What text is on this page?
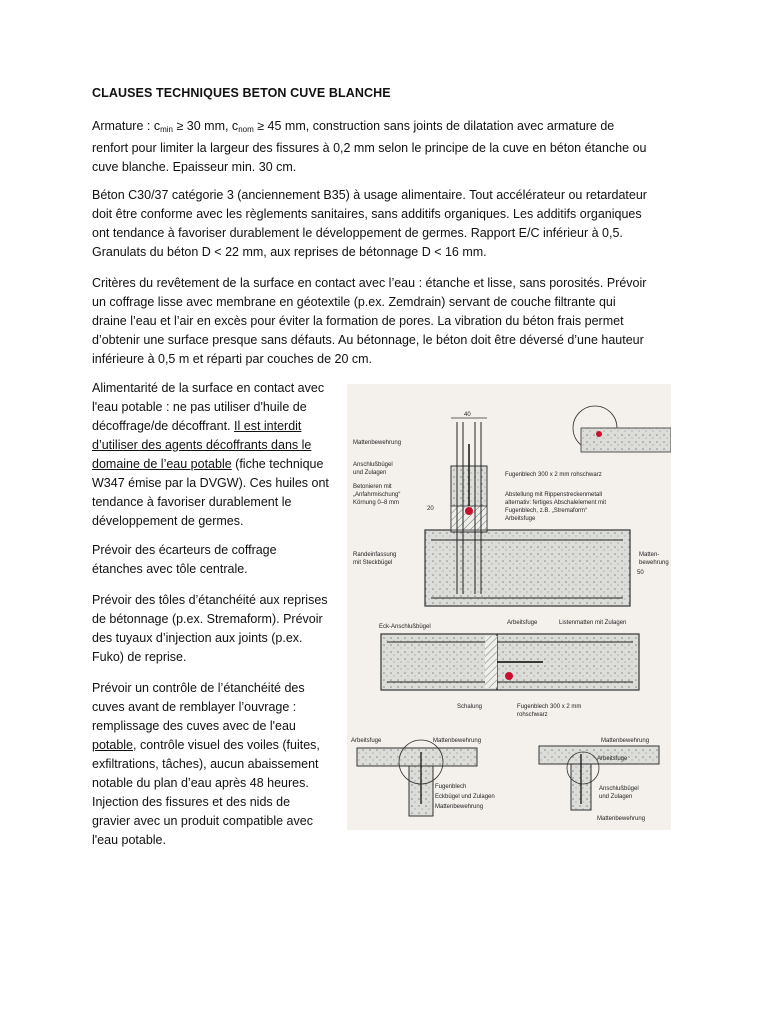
CLAUSES TECHNIQUES BETON CUVE BLANCHE
Armature : $c_{min} \ge 30$ mm, $c_{nom} \ge 45$ mm, construction sans joints de dilatation avec armature de
renfort pour limiter la largeur des fissures à 0,2 mm selon le principe de la cuve en béton étanche ou
cuve blanche. Epaisseur min. 30 cm.
Béton C30/37 catégorie 3 (anciennement B35) à usage alimentaire. Tout accélérateur ou retardateur
doit être conforme avec les règlements sanitaires, sans additifs organiques. Les additifs organiques
ont tendance à favoriser durablement le développement de germes. Rapport E/C inférieur à 0,5.
Granulats du béton D < 22 mm, aux reprises de bétonnage D < 16 mm.
Critères du revêtement de la surface en contact avec l’eau : étanche et lisse, sans porosités. Prévoir
un coffrage lisse avec membrane en géotextile (p.ex. Zemdrain) servant de couche filtrante qui
draine l’eau et l’air en excès pour éviter la formation de pores. La vibration du béton frais permet
d’obtenir une surface presque sans défauts. Au bétonnage, le béton doit être déversé d’une hauteur
inférieure à 0,5 m et réparti par couches de 20 cm.
Alimentarité de la surface en contact avec
l'eau potable : ne pas utiliser d'huile de
décoffrage/de décoffrant. Il est interdit
d’utiliser des agents décoffrants dans le
domaine de l’eau potable (fiche technique
W347 émise par la DVGW). Ces huiles ont
tendance à favoriser durablement le
développement de germes.
Prévoir des écarteurs de coffrage
étanches avec tôle centrale.
Prévoir des tôles d’étanchéité aux reprises
de bétonnage (p.ex. Stremaform). Prévoir
des tuyaux d’injection aux joints (p.ex.
Fuko) de reprise.
Prévoir un contrôle de l’étanchéité des
cuves avant de remblayer l’ouvrage :
remplissage des cuves avec de l'eau
potable, contrôle visuel des voiles (fuites,
exfiltrations, tâches), aucun abaissement
notable du plan d’eau après 48 heures.
Injection des fissures et des nids de
gravier avec un produit compatible avec
l'eau potable.
40
20
50
Mattenbewehrung
Anschlußbügel
und Zulagen	Fugenblech 300 x 2 mm rohschwarz
Betonieren mit
„Anfahrmischung“
Körnung 0–8 mm
Abstellung mit Rippenstreckenmetall
alternativ: fertiges Abschalelement mit
Fugenblech, z.B. „Stremaform“
Arbeitsfuge
Randeinfassung
mit Steckbügel
Matten-
bewehrung
Eck-Anschlußbügel
Arbeitsfuge	Listenmatten mit Zulagen
Schalung	Fugenblech 300 x 2 mm
rohschwarz
Arbeitsfuge	Mattenbewehrung
Fugenblech
Eckbügel und Zulagen
Mattenbewehrung
Mattenbewehrung
Arbeitsfuge
Anschlußbügel
und Zulagen
Mattenbewehrung
